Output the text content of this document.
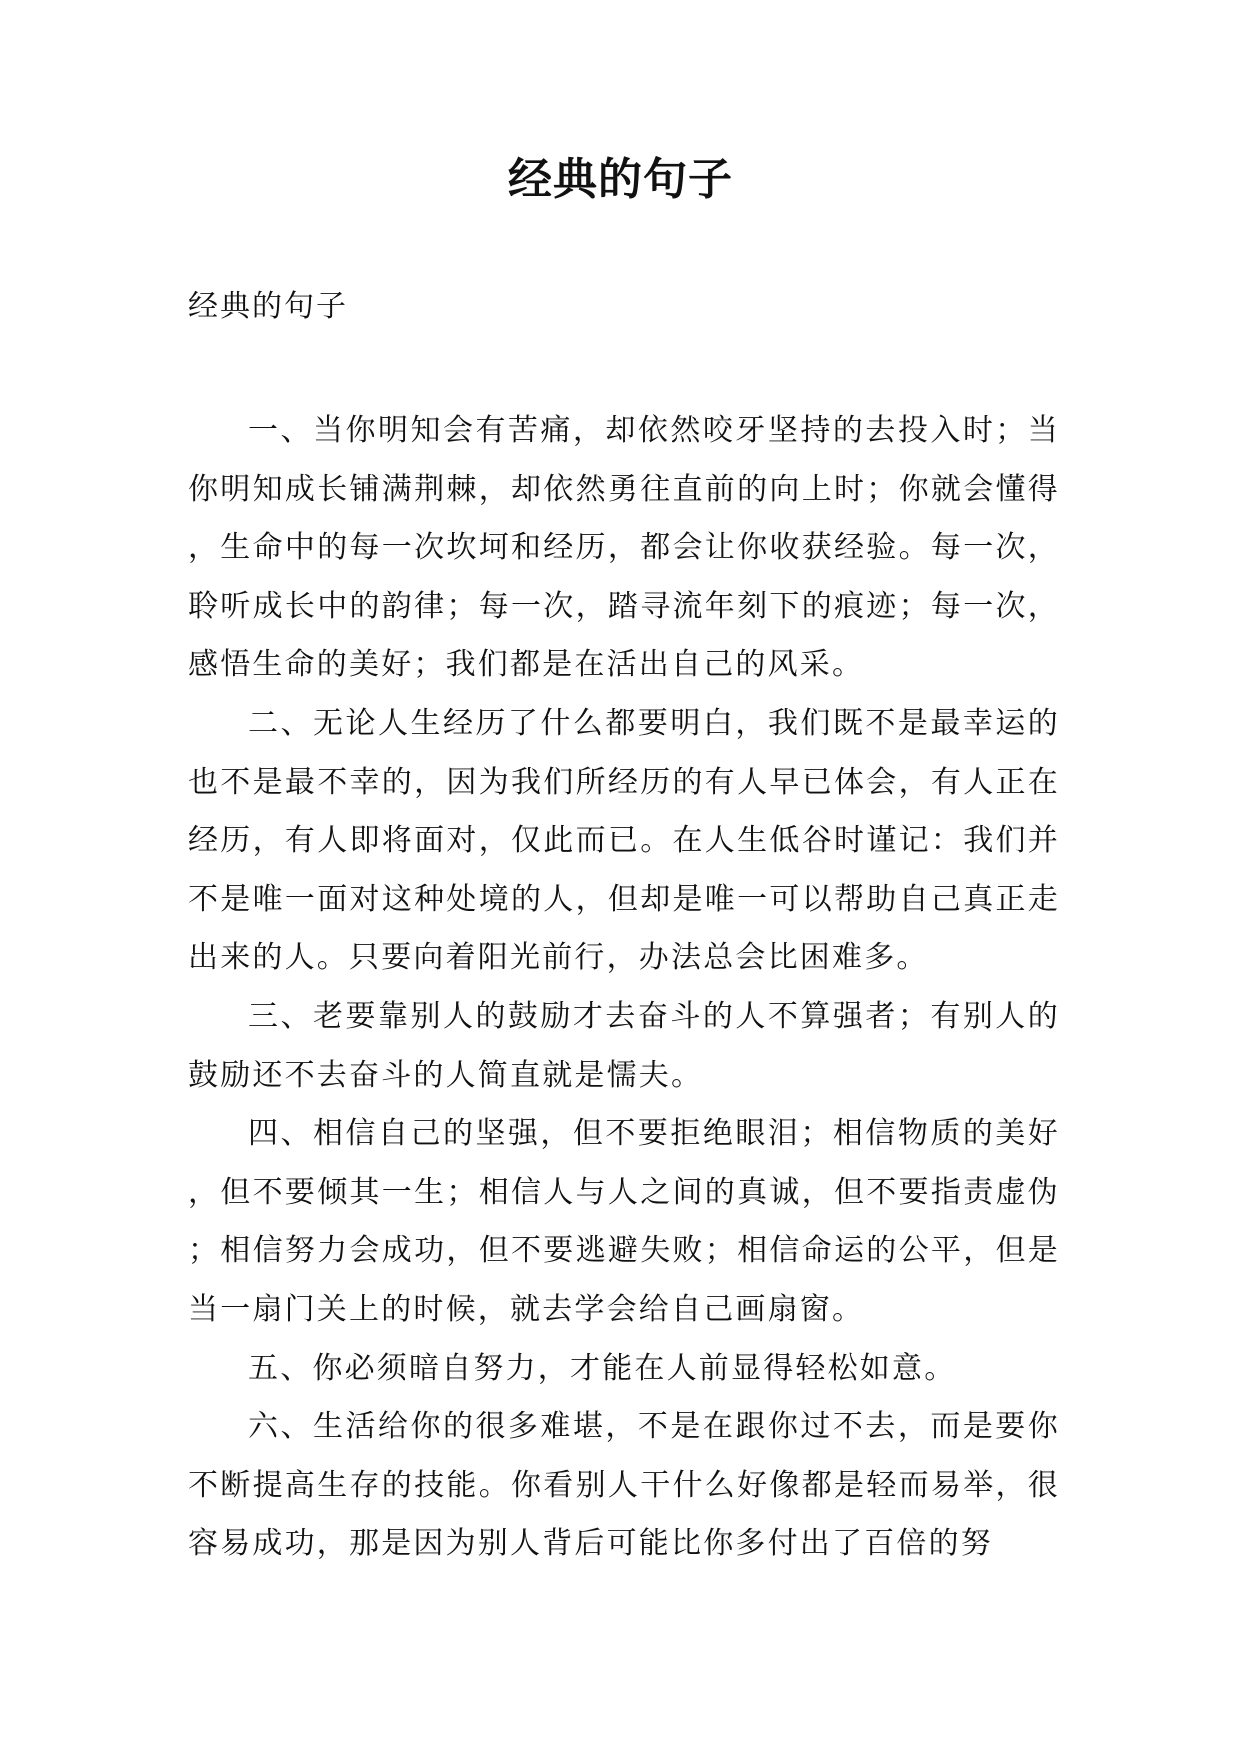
经典的句子

经典的句子

一、当你明知会有苦痛，却依然咬牙坚持的去投入时；当你明知成长铺满荆棘，却依然勇往直前的向上时；你就会懂得，生命中的每一次坎坷和经历，都会让你收获经验。每一次，聆听成长中的韵律；每一次，踏寻流年刻下的痕迹；每一次，感悟生命的美好；我们都是在活出自己的风采。

二、无论人生经历了什么都要明白，我们既不是最幸运的也不是最不幸的，因为我们所经历的有人早已体会，有人正在经历，有人即将面对，仅此而已。在人生低谷时谨记：我们并不是唯一面对这种处境的人，但却是唯一可以帮助自己真正走出来的人。只要向着阳光前行，办法总会比困难多。

三、老要靠别人的鼓励才去奋斗的人不算强者；有别人的鼓励还不去奋斗的人简直就是懦夫。

四、相信自己的坚强，但不要拒绝眼泪；相信物质的美好，但不要倾其一生；相信人与人之间的真诚，但不要指责虚伪；相信努力会成功，但不要逃避失败；相信命运的公平，但是当一扇门关上的时候，就去学会给自己画扇窗。

五、你必须暗自努力，才能在人前显得轻松如意。

六、生活给你的很多难堪，不是在跟你过不去，而是要你不断提高生存的技能。你看别人干什么好像都是轻而易举，很容易成功，那是因为别人背后可能比你多付出了百倍的努
